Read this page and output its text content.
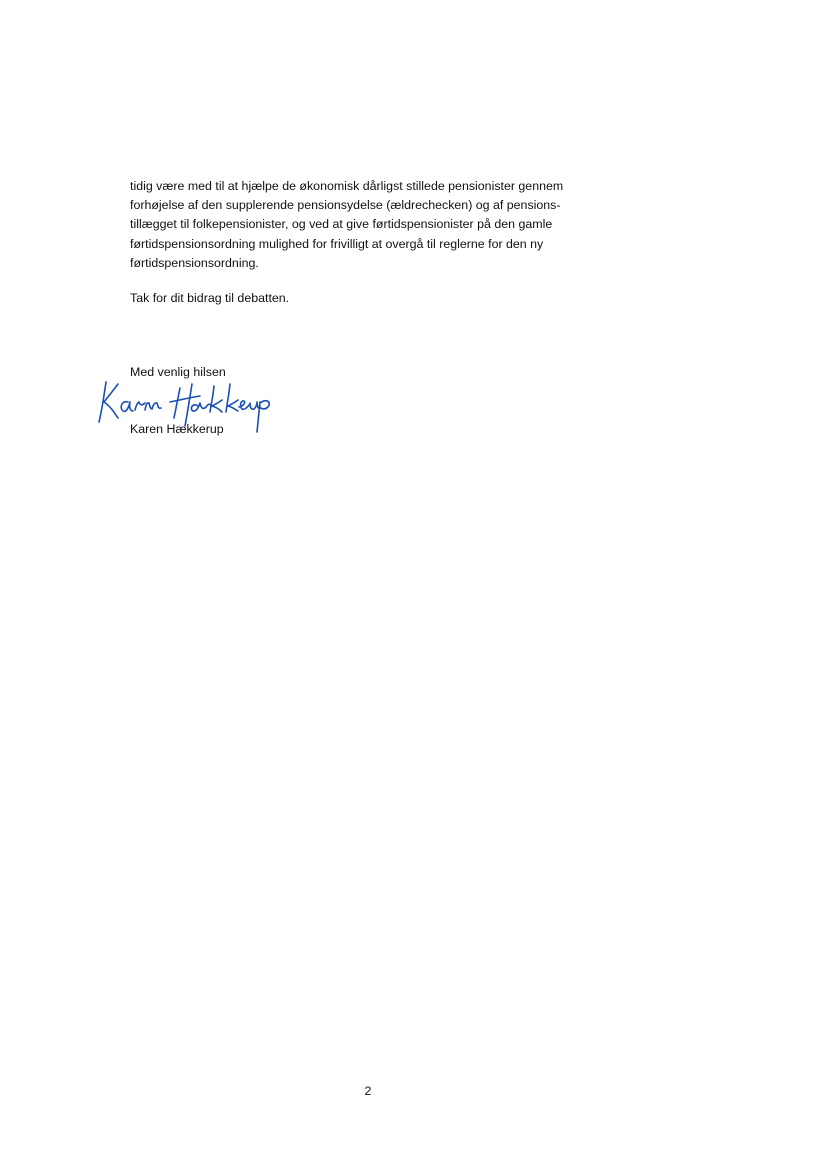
tidig være med til at hjælpe de økonomisk dårligst stillede pensionister gennem
forhøjelse af den supplerende pensionsydelse (ældrechecken) og af pensions-
tillægget til folkepensionister, og ved at give førtidspensionister på den gamle
førtidspensionsordning mulighed for frivilligt at overgå til reglerne for den ny
førtidspensionsordning.

Tak for dit bidrag til debatten.

Med venlig hilsen

Karen Hækkerup

2
